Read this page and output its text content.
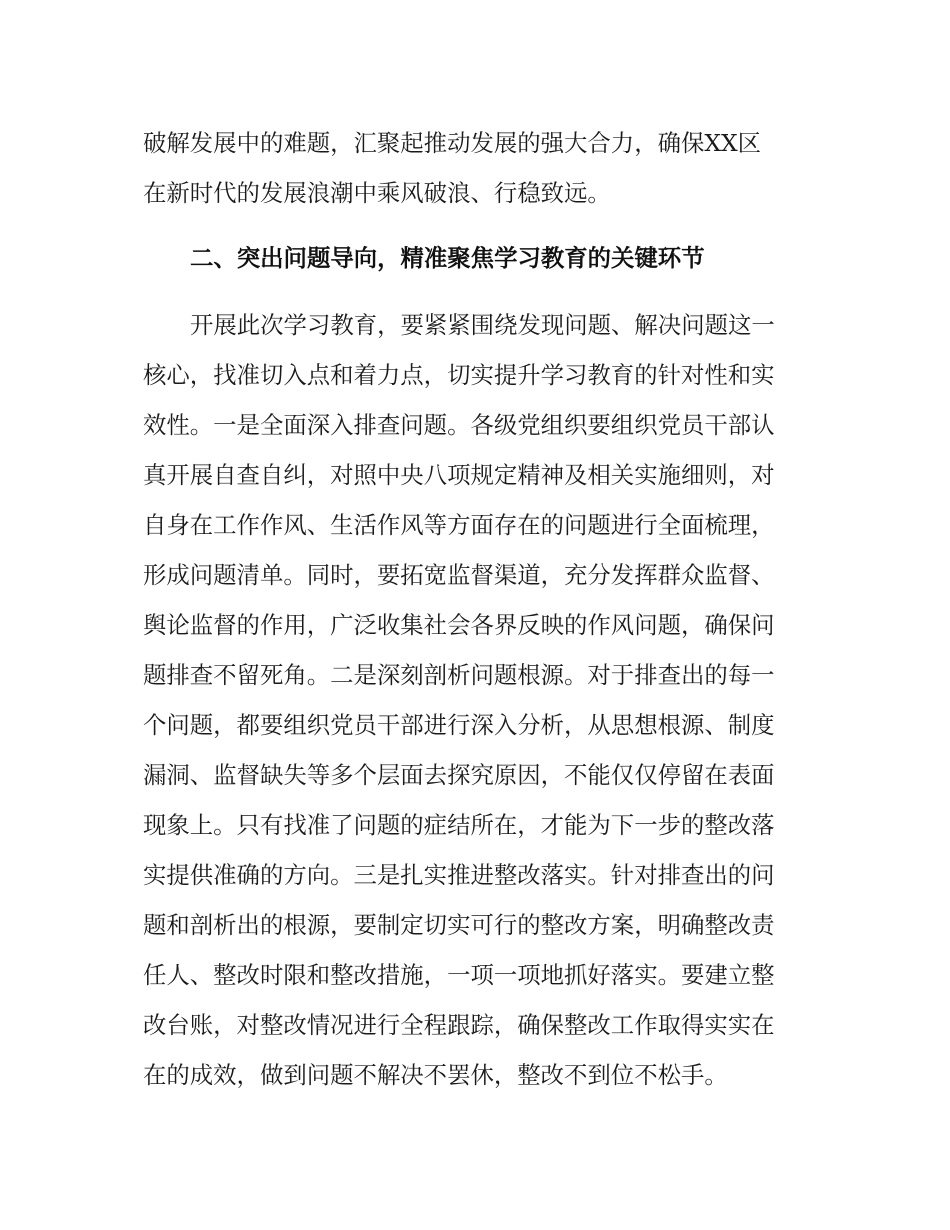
破解发展中的难题，汇聚起推动发展的强大合力，确保XX区
在新时代的发展浪潮中乘风破浪、行稳致远。
二、突出问题导向，精准聚焦学习教育的关键环节
开展此次学习教育，要紧紧围绕发现问题、解决问题这一
核心，找准切入点和着力点，切实提升学习教育的针对性和实
效性。一是全面深入排查问题。各级党组织要组织党员干部认
真开展自查自纠，对照中央八项规定精神及相关实施细则，对
自身在工作作风、生活作风等方面存在的问题进行全面梳理，
形成问题清单。同时，要拓宽监督渠道，充分发挥群众监督、
舆论监督的作用，广泛收集社会各界反映的作风问题，确保问
题排查不留死角。二是深刻剖析问题根源。对于排查出的每一
个问题，都要组织党员干部进行深入分析，从思想根源、制度
漏洞、监督缺失等多个层面去探究原因，不能仅仅停留在表面
现象上。只有找准了问题的症结所在，才能为下一步的整改落
实提供准确的方向。三是扎实推进整改落实。针对排查出的问
题和剖析出的根源，要制定切实可行的整改方案，明确整改责
任人、整改时限和整改措施，一项一项地抓好落实。要建立整
改台账，对整改情况进行全程跟踪，确保整改工作取得实实在
在的成效，做到问题不解决不罢休，整改不到位不松手。
